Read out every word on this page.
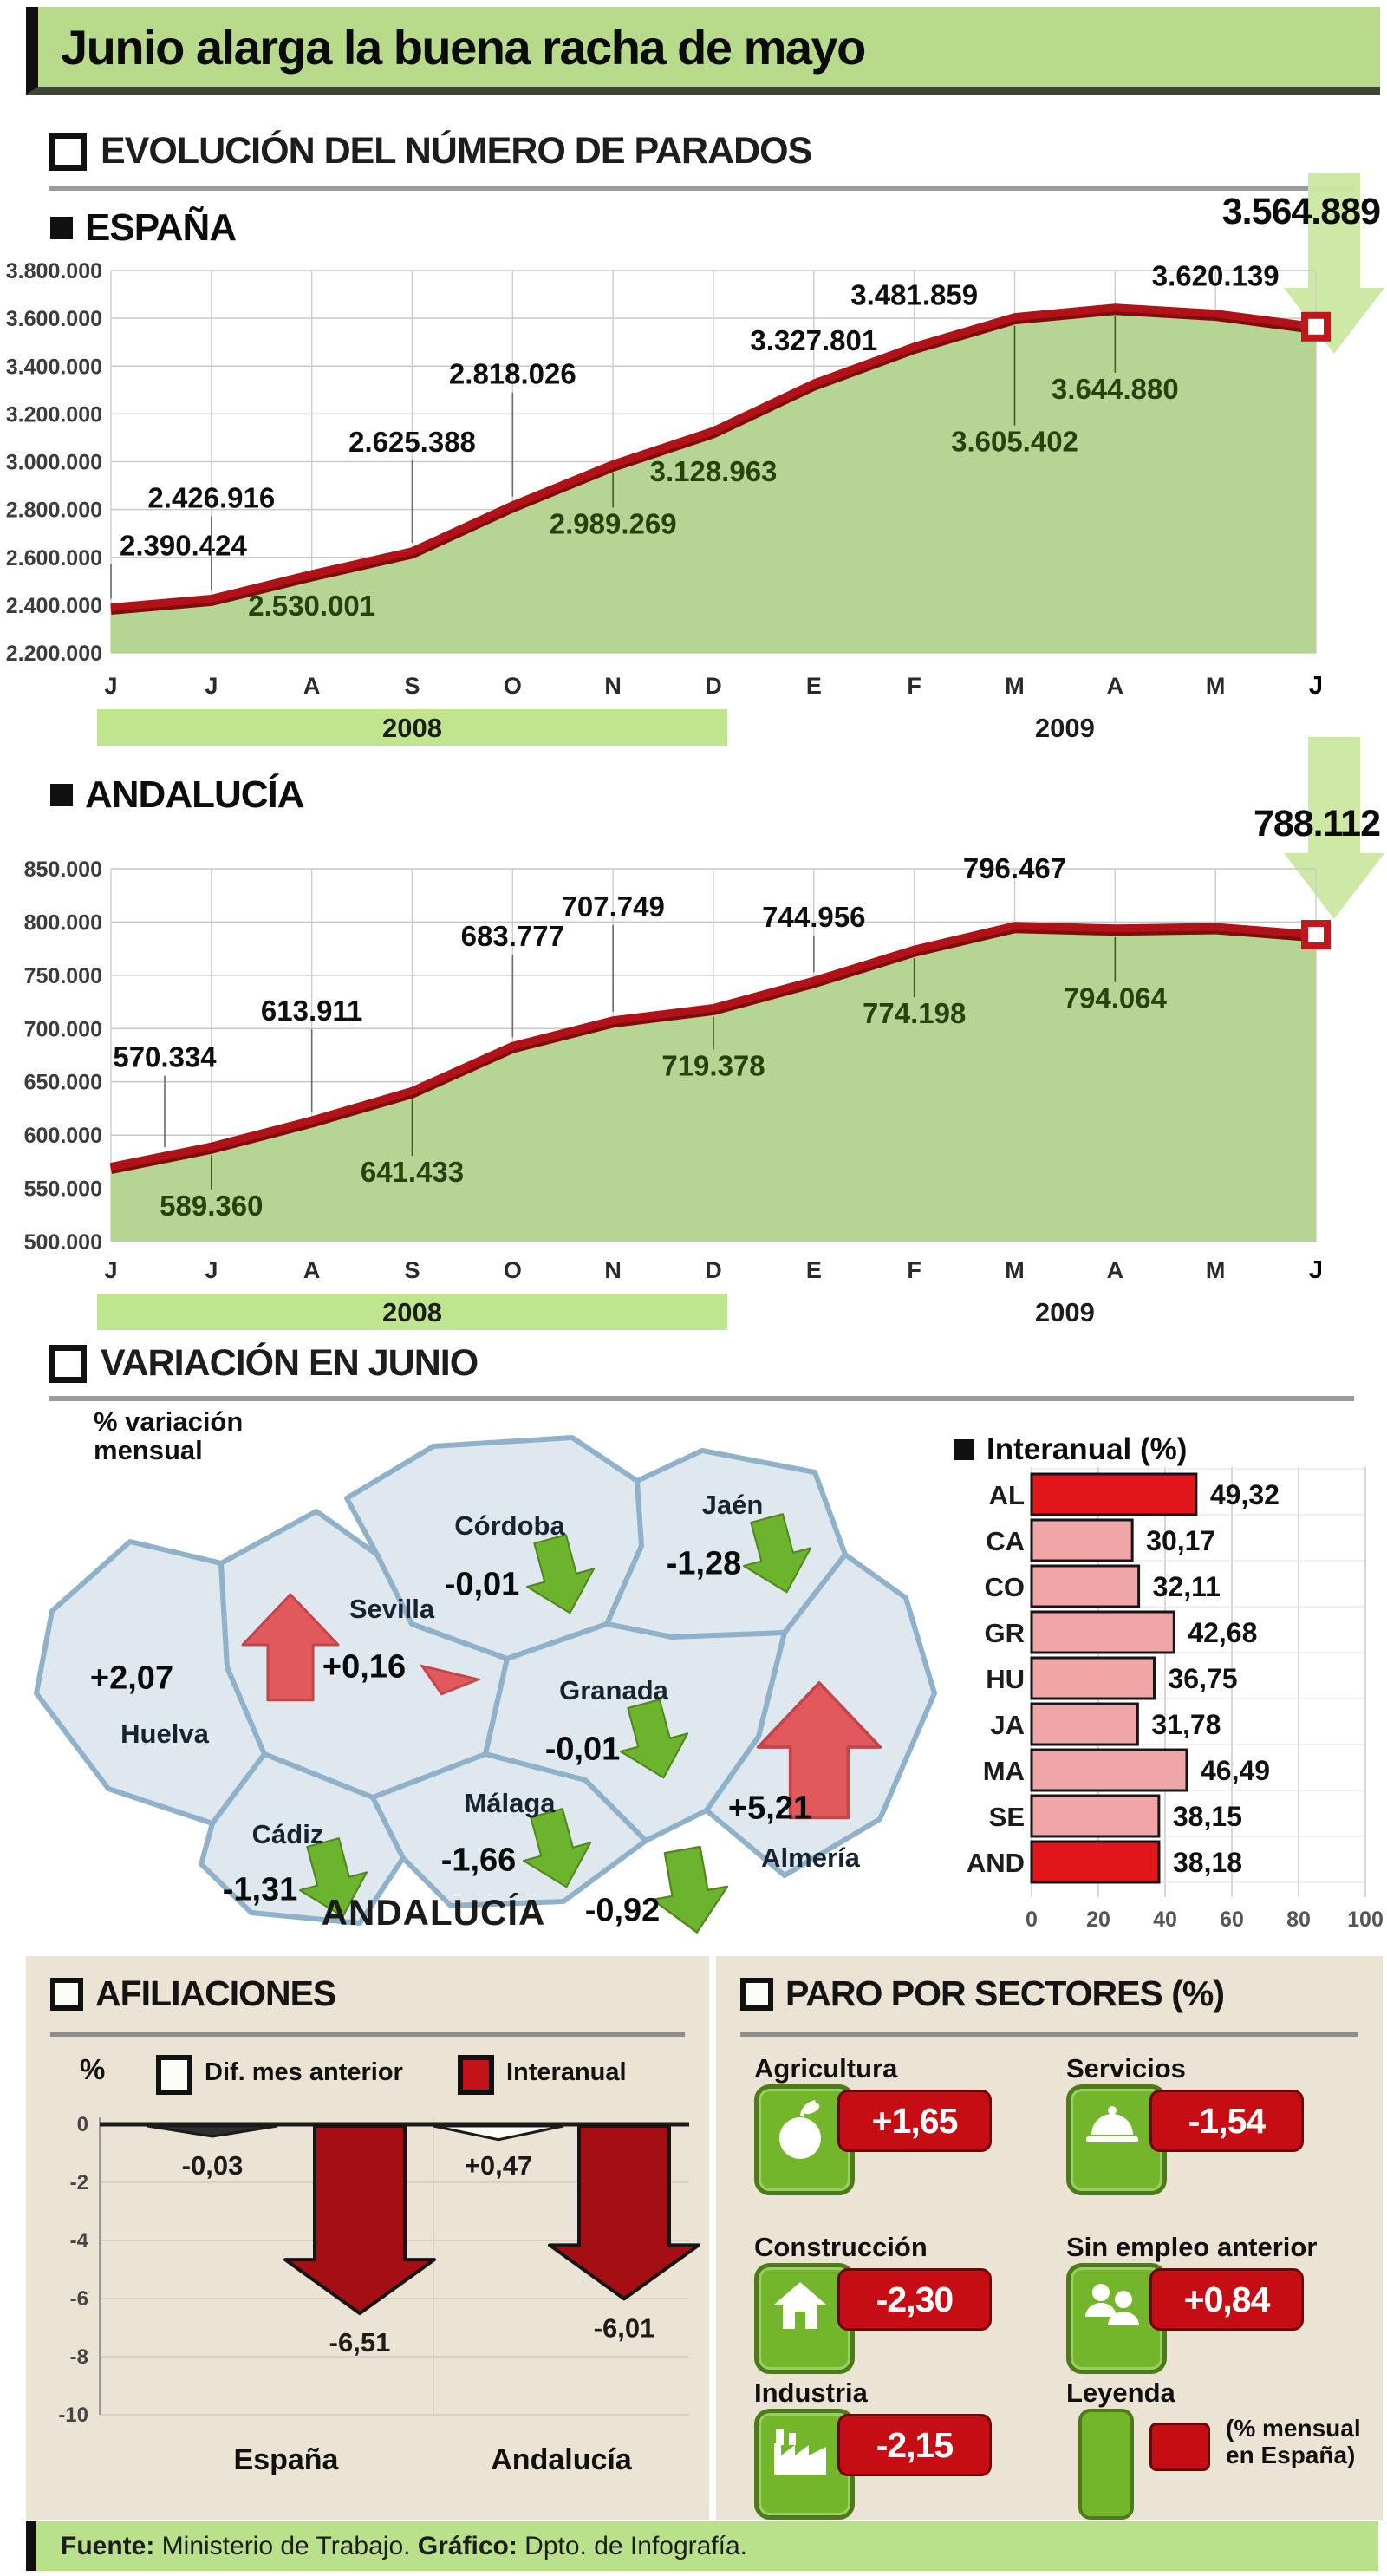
Junio alarga la buena racha de mayo
EVOLUCIÓN DEL NÚMERO DE PARADOS
ESPAÑA	3.564.889
2.200.000
2.400.000
2.600.000
2.800.000
3.000.000
3.200.000
3.400.000
3.600.000
3.800.000
2008	2009
J	J	A	S	O	N	D	E	F	M	A	M	J
2.390.424
2.426.916
2.530.001
2.625.388
2.818.026
2.989.269
3.128.963
3.327.801
3.481.859
3.605.402
3.644.880
3.620.139
ANDALUCÍA
788.112
500.000
550.000
600.000
650.000
700.000
750.000
800.000
850.000
2008	2009
J	J	A	S	O	N	D	E	F	M	A	M	J
570.334
589.360
613.911
641.433
683.777
707.749
719.378
744.956
774.198
796.467
794.064
VARIACIÓN EN JUNIO
% variación mensual
Huelva
+2,07
Sevilla
+0,16
Córdoba
-0,01
Jaén
-1,28
Granada
-0,01
Cádiz
-1,31
Málaga
-1,66	Almería
+5,21
ANDALUCÍA -0,92
Interanual (%)
0 20 40 60 80 100
AL	49,32
CA	30,17
CO	32,11
GR	42,68
HU	36,75
JA	31,78
MA	46,49
SE	38,15
AND	38,18
AFILIACIONES
%	Dif. mes anterior	Interanual
0
-2
-4
-6
-8
-10
-0,03
-6,51
España
+0,47
-6,01
Andalucía
PARO POR SECTORES (%)
Agricultura
+1,65
Servicios
-1,54
Construcción
-2,30
Sin empleo anterior
+0,84
Industria
-2,15
Leyenda
(% mensual en España)
Fuente: Ministerio de Trabajo. Gráfico: Dpto. de Infografía.
